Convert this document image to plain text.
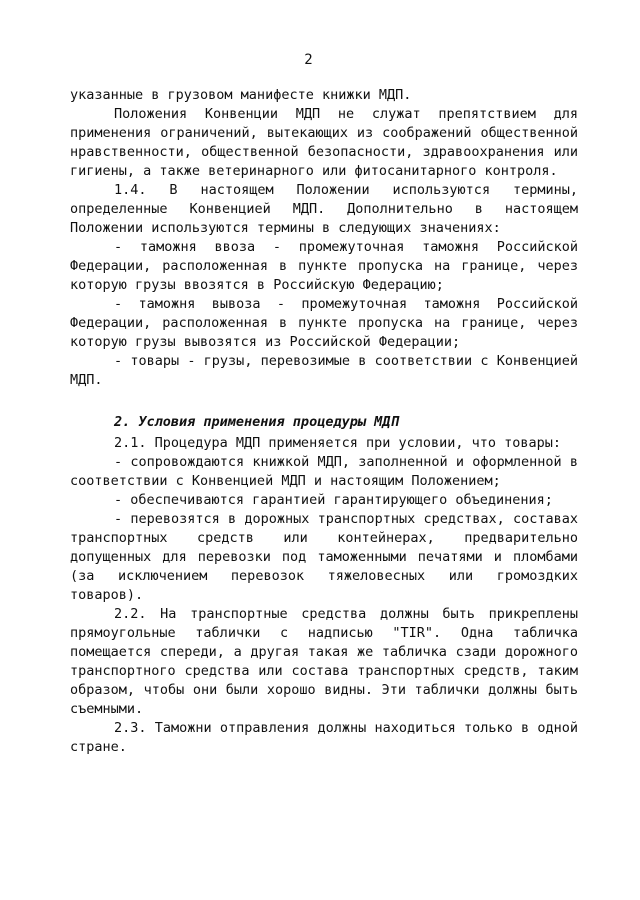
2

указанные в грузовом манифесте книжки МДП.

Положения Конвенции МДП не служат препятствием для применения ограничений, вытекающих из соображений общественной нравственности, общественной безопасности, здравоохранения или гигиены, а также ветеринарного или фитосанитарного контроля.

1.4. В настоящем Положении используются термины, определенные Конвенцией МДП. Дополнительно в настоящем Положении используются термины в следующих значениях:

- таможня ввоза - промежуточная таможня Российской Федерации, расположенная в пункте пропуска на границе, через которую грузы ввозятся в Российскую Федерацию;

- таможня вывоза - промежуточная таможня Российской Федерации, расположенная в пункте пропуска на границе, через которую грузы вывозятся из Российской Федерации;

- товары - грузы, перевозимые в соответствии с Конвенцией МДП.

2. Условия применения процедуры МДП

2.1. Процедура МДП применяется при условии, что товары:

- сопровождаются книжкой МДП, заполненной и оформленной в соответствии с Конвенцией МДП и настоящим Положением;

- обеспечиваются гарантией гарантирующего объединения;

- перевозятся в дорожных транспортных средствах, составах транспортных средств или контейнерах, предварительно допущенных для перевозки под таможенными печатями и пломбами (за исключением перевозок тяжеловесных или громоздких товаров).

2.2. На транспортные средства должны быть прикреплены прямоугольные таблички с надписью "TIR". Одна табличка помещается спереди, а другая такая же табличка сзади дорожного транспортного средства или состава транспортных средств, таким образом, чтобы они были хорошо видны. Эти таблички должны быть съемными.

2.3. Таможни отправления должны находиться только в одной стране.
